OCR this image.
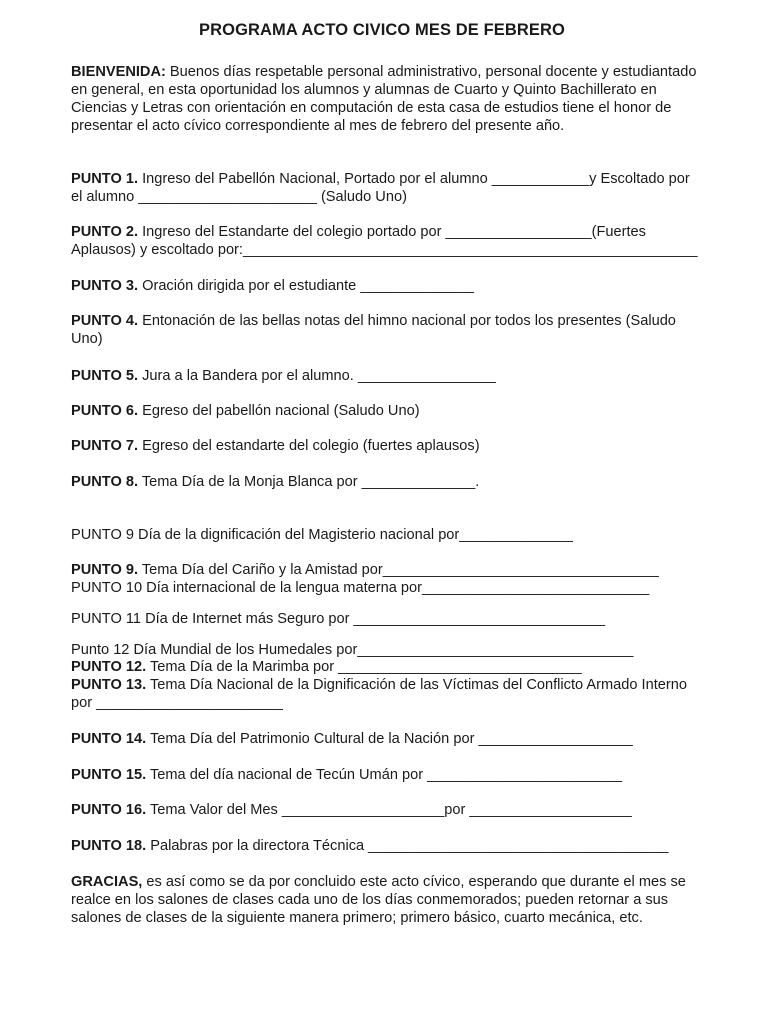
PROGRAMA ACTO CIVICO MES DE FEBRERO

BIENVENIDA: Buenos días respetable personal administrativo, personal docente y estudiantado en general, en esta oportunidad los alumnos y alumnas de Cuarto y Quinto Bachillerato en Ciencias y Letras con orientación en computación de esta casa de estudios tiene el honor de presentar el acto cívico correspondiente al mes de febrero del presente año.

PUNTO 1. Ingreso del Pabellón Nacional, Portado por el alumno ____________y Escoltado por el alumno ______________________ (Saludo Uno)

PUNTO 2. Ingreso del Estandarte del colegio portado por __________________(Fuertes Aplausos) y escoltado por:________________________________________________________

PUNTO 3. Oración dirigida por el estudiante ______________

PUNTO 4. Entonación de las bellas notas del himno nacional por todos los presentes (Saludo Uno)

PUNTO 5. Jura a la Bandera por el alumno. _________________

PUNTO 6. Egreso del pabellón nacional (Saludo Uno)

PUNTO 7. Egreso del estandarte del colegio (fuertes aplausos)

PUNTO 8. Tema Día de la Monja Blanca por ______________.

PUNTO 9 Día de la dignificación del Magisterio nacional por______________

PUNTO 9. Tema Día del Cariño y la Amistad por__________________________________

PUNTO 10 Día internacional de la lengua materna por____________________________

PUNTO 11 Día de Internet más Seguro por _______________________________

Punto 12 Día Mundial de los Humedales por__________________________________

PUNTO 12. Tema Día de la Marimba por ______________________________

PUNTO 13. Tema Día Nacional de la Dignificación de las Víctimas del Conflicto Armado Interno por _______________________

PUNTO 14. Tema Día del Patrimonio Cultural de la Nación por ___________________

PUNTO 15. Tema del día nacional de Tecún Umán por ________________________

PUNTO 16. Tema Valor del Mes ____________________por ____________________

PUNTO 18. Palabras por la directora Técnica _____________________________________

GRACIAS, es así como se da por concluido este acto cívico, esperando que durante el mes se realce en los salones de clases cada uno de los días conmemorados; pueden retornar a sus salones de clases de la siguiente manera primero; primero básico, cuarto mecánica, etc.
